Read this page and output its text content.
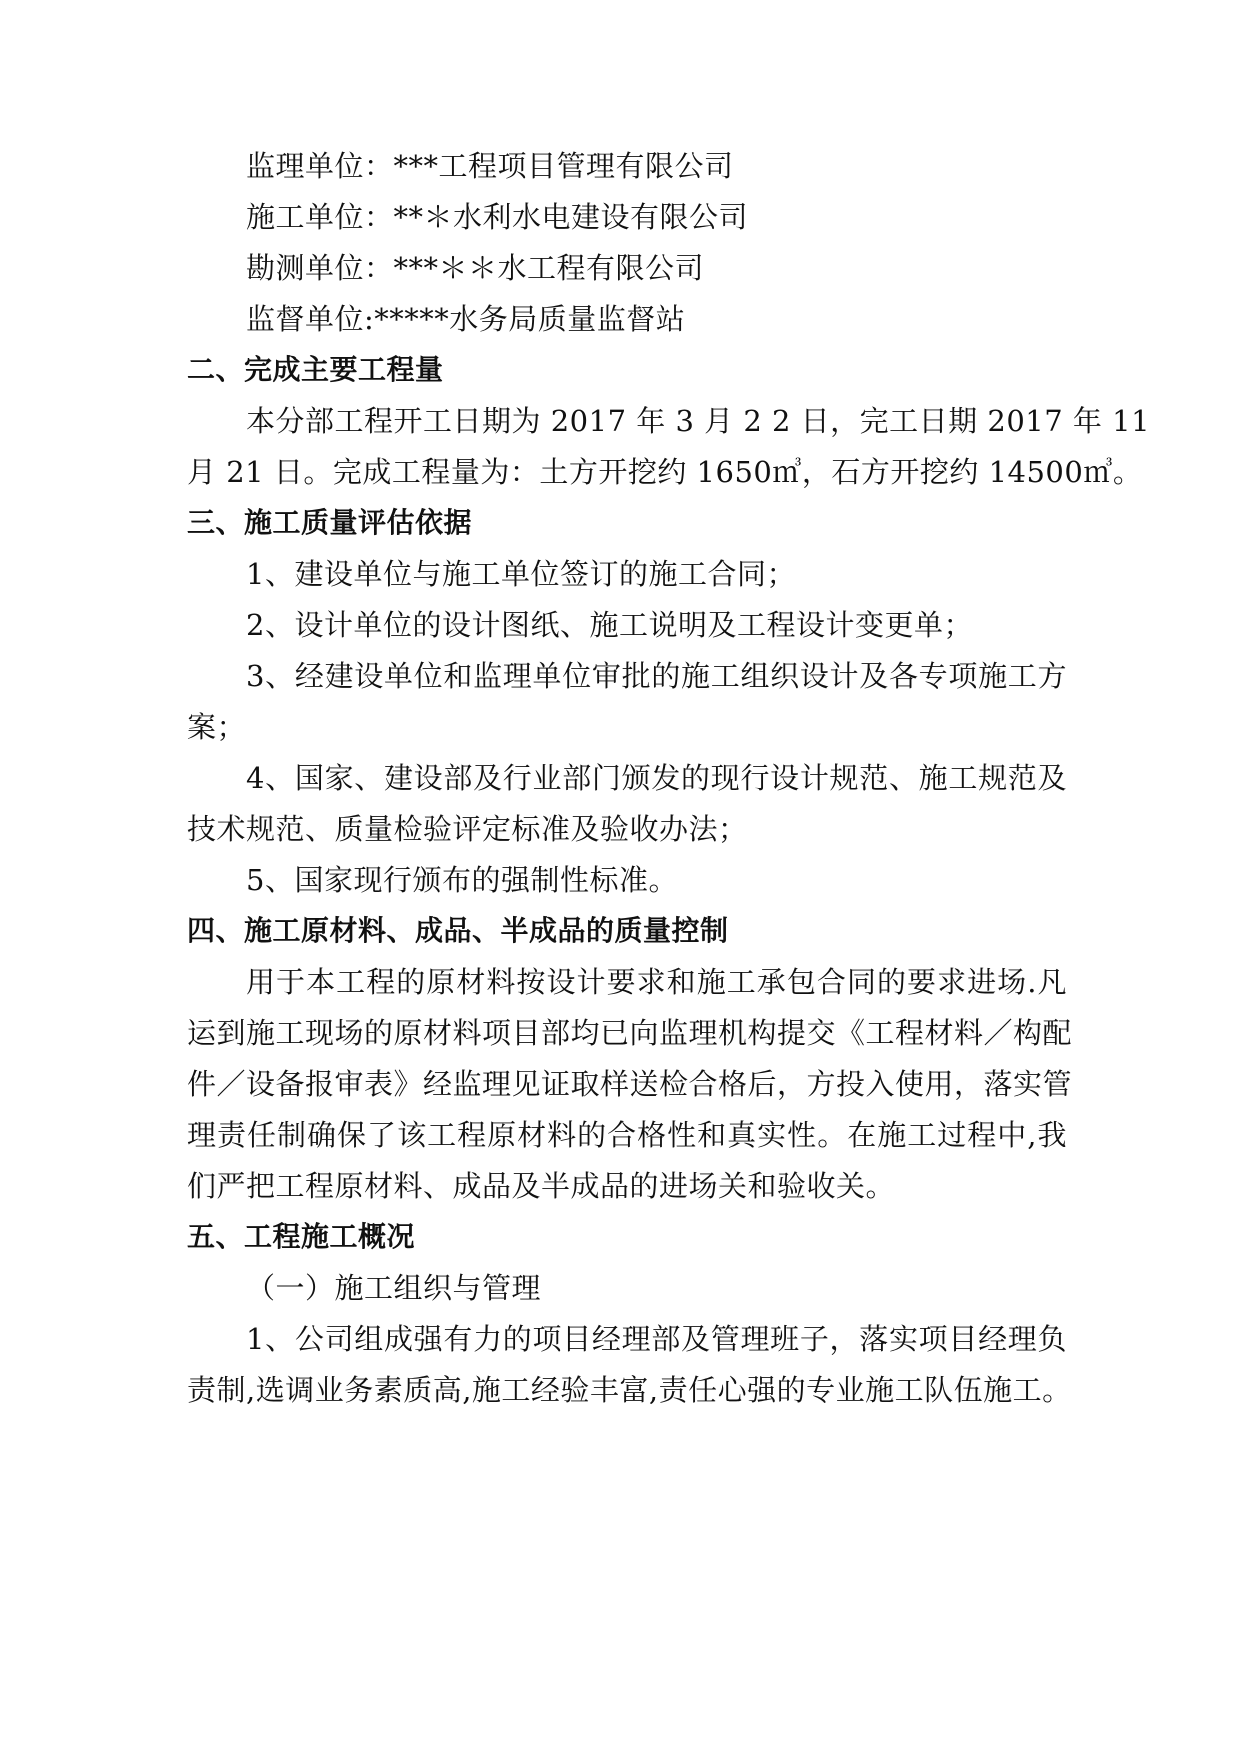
监理单位：***工程项目管理有限公司
施工单位：**＊水利水电建设有限公司
勘测单位：***＊＊水工程有限公司
监督单位:*****水务局质量监督站
二、完成主要工程量
本分部工程开工日期为 2017 年 3 月 2 2 日，完工日期 2017 年 11
月 21 日。完成工程量为：土方开挖约 1650㎥，石方开挖约 14500㎥。
三、施工质量评估依据
1、建设单位与施工单位签订的施工合同；
2、设计单位的设计图纸、施工说明及工程设计变更单；
3、经建设单位和监理单位审批的施工组织设计及各专项施工方
案；
4、国家、建设部及行业部门颁发的现行设计规范、施工规范及
技术规范、质量检验评定标准及验收办法；
5、国家现行颁布的强制性标准。
四、施工原材料、成品、半成品的质量控制
用于本工程的原材料按设计要求和施工承包合同的要求进场.凡
运到施工现场的原材料项目部均已向监理机构提交《工程材料／构配
件／设备报审表》经监理见证取样送检合格后，方投入使用，落实管
理责任制确保了该工程原材料的合格性和真实性。在施工过程中,我
们严把工程原材料、成品及半成品的进场关和验收关。
五、工程施工概况
（一）施工组织与管理
1、公司组成强有力的项目经理部及管理班子，落实项目经理负
责制,选调业务素质高,施工经验丰富,责任心强的专业施工队伍施工。
